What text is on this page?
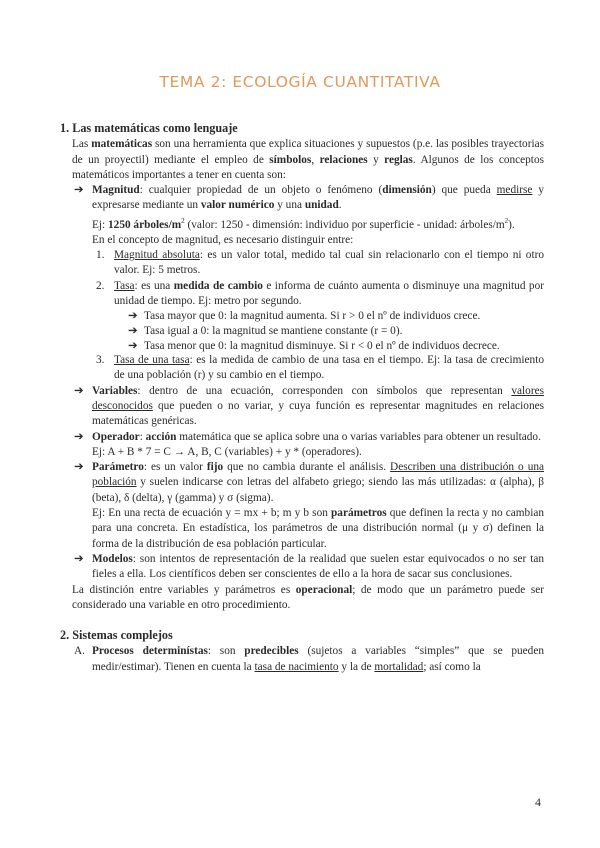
TEMA 2: ECOLOGÍA CUANTITATIVA

1. Las matemáticas como lenguaje

Las matemáticas son una herramienta que explica situaciones y supuestos (p.e. las posibles trayectorias de un proyectil) mediante el empleo de símbolos, relaciones y reglas. Algunos de los conceptos matemáticos importantes a tener en cuenta son:

➔ Magnitud: cualquier propiedad de un objeto o fenómeno (dimensión) que pueda medirse y expresarse mediante un valor numérico y una unidad.

Ej: 1250 árboles/$m^2$ (valor: 1250 - dimensión: individuo por superficie - unidad: árboles/$m^2$).

En el concepto de magnitud, es necesario distinguir entre:

1. Magnitud absoluta: es un valor total, medido tal cual sin relacionarlo con el tiempo ni otro valor. Ej: 5 metros.

2. Tasa: es una medida de cambio e informa de cuánto aumenta o disminuye una magnitud por unidad de tiempo. Ej: metro por segundo.

➔ Tasa mayor que 0: la magnitud aumenta. Si r > 0 el nº de individuos crece.

➔ Tasa igual a 0: la magnitud se mantiene constante (r = 0).

➔ Tasa menor que 0: la magnitud disminuye. Si r < 0 el nº de individuos decrece.

3. Tasa de una tasa: es la medida de cambio de una tasa en el tiempo. Ej: la tasa de crecimiento de una población (r) y su cambio en el tiempo.

➔ Variables: dentro de una ecuación, corresponden con símbolos que representan valores desconocidos que pueden o no variar, y cuya función es representar magnitudes en relaciones matemáticas genéricas.

➔ Operador: acción matemática que se aplica sobre una o varias variables para obtener un resultado.

Ej: A + B * 7 = C → A, B, C (variables) + y * (operadores).

➔ Parámetro: es un valor fijo que no cambia durante el análisis. Describen una distribución o una población y suelen indicarse con letras del alfabeto griego; siendo las más utilizadas: α (alpha), β (beta), δ (delta), γ (gamma) y σ (sigma).

Ej: En una recta de ecuación y = mx + b; m y b son parámetros que definen la recta y no cambian para una concreta. En estadística, los parámetros de una distribución normal (μ y σ) definen la forma de la distribución de esa población particular.

➔ Modelos: son intentos de representación de la realidad que suelen estar equivocados o no ser tan fieles a ella. Los científicos deben ser conscientes de ello a la hora de sacar sus conclusiones.

La distinción entre variables y parámetros es operacional; de modo que un parámetro puede ser considerado una variable en otro procedimiento.

2. Sistemas complejos

A. Procesos determinístas: son predecibles (sujetos a variables “simples” que se pueden medir/estimar). Tienen en cuenta la tasa de nacimiento y la de mortalidad; así como la

4
